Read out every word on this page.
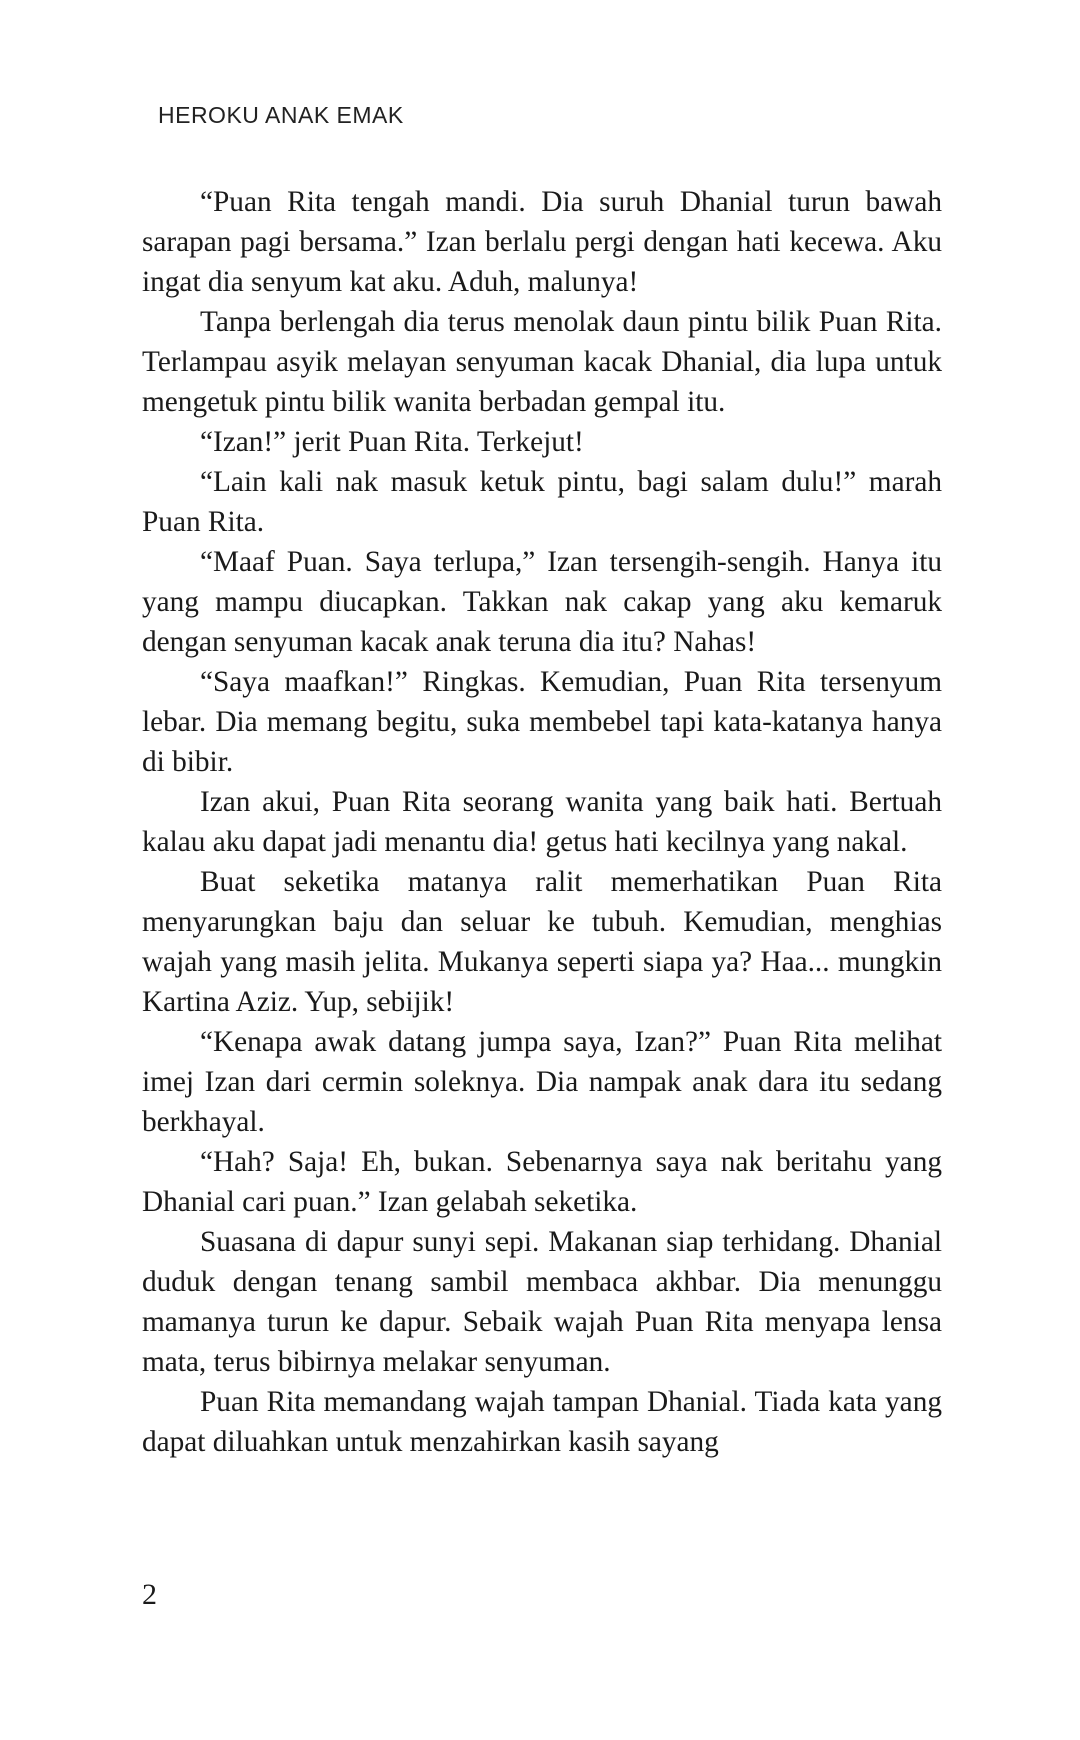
HEROKU ANAK EMAK

“Puan Rita tengah mandi. Dia suruh Dhanial turun bawah sarapan pagi bersama.” Izan berlalu pergi dengan hati kecewa. Aku ingat dia senyum kat aku. Aduh, malunya!

Tanpa berlengah dia terus menolak daun pintu bilik Puan Rita. Terlampau asyik melayan senyuman kacak Dhanial, dia lupa untuk mengetuk pintu bilik wanita berbadan gempal itu.

“Izan!” jerit Puan Rita. Terkejut!

“Lain kali nak masuk ketuk pintu, bagi salam dulu!” marah Puan Rita.

“Maaf Puan. Saya terlupa,” Izan tersengih-sengih. Hanya itu yang mampu diucapkan. Takkan nak cakap yang aku kemaruk dengan senyuman kacak anak teruna dia itu? Nahas!

“Saya maafkan!” Ringkas. Kemudian, Puan Rita tersenyum lebar. Dia memang begitu, suka membebel tapi kata-katanya hanya di bibir.

Izan akui, Puan Rita seorang wanita yang baik hati. Bertuah kalau aku dapat jadi menantu dia! getus hati kecilnya yang nakal.

Buat seketika matanya ralit memerhatikan Puan Rita menyarungkan baju dan seluar ke tubuh. Kemudian, menghias wajah yang masih jelita. Mukanya seperti siapa ya? Haa... mungkin Kartina Aziz. Yup, sebijik!

“Kenapa awak datang jumpa saya, Izan?” Puan Rita melihat imej Izan dari cermin soleknya. Dia nampak anak dara itu sedang berkhayal.

“Hah? Saja! Eh, bukan. Sebenarnya saya nak beritahu yang Dhanial cari puan.” Izan gelabah seketika.

Suasana di dapur sunyi sepi. Makanan siap terhidang. Dhanial duduk dengan tenang sambil membaca akhbar. Dia menunggu mamanya turun ke dapur. Sebaik wajah Puan Rita menyapa lensa mata, terus bibirnya melakar senyuman.

Puan Rita memandang wajah tampan Dhanial. Tiada kata yang dapat diluahkan untuk menzahirkan kasih sayang

2
